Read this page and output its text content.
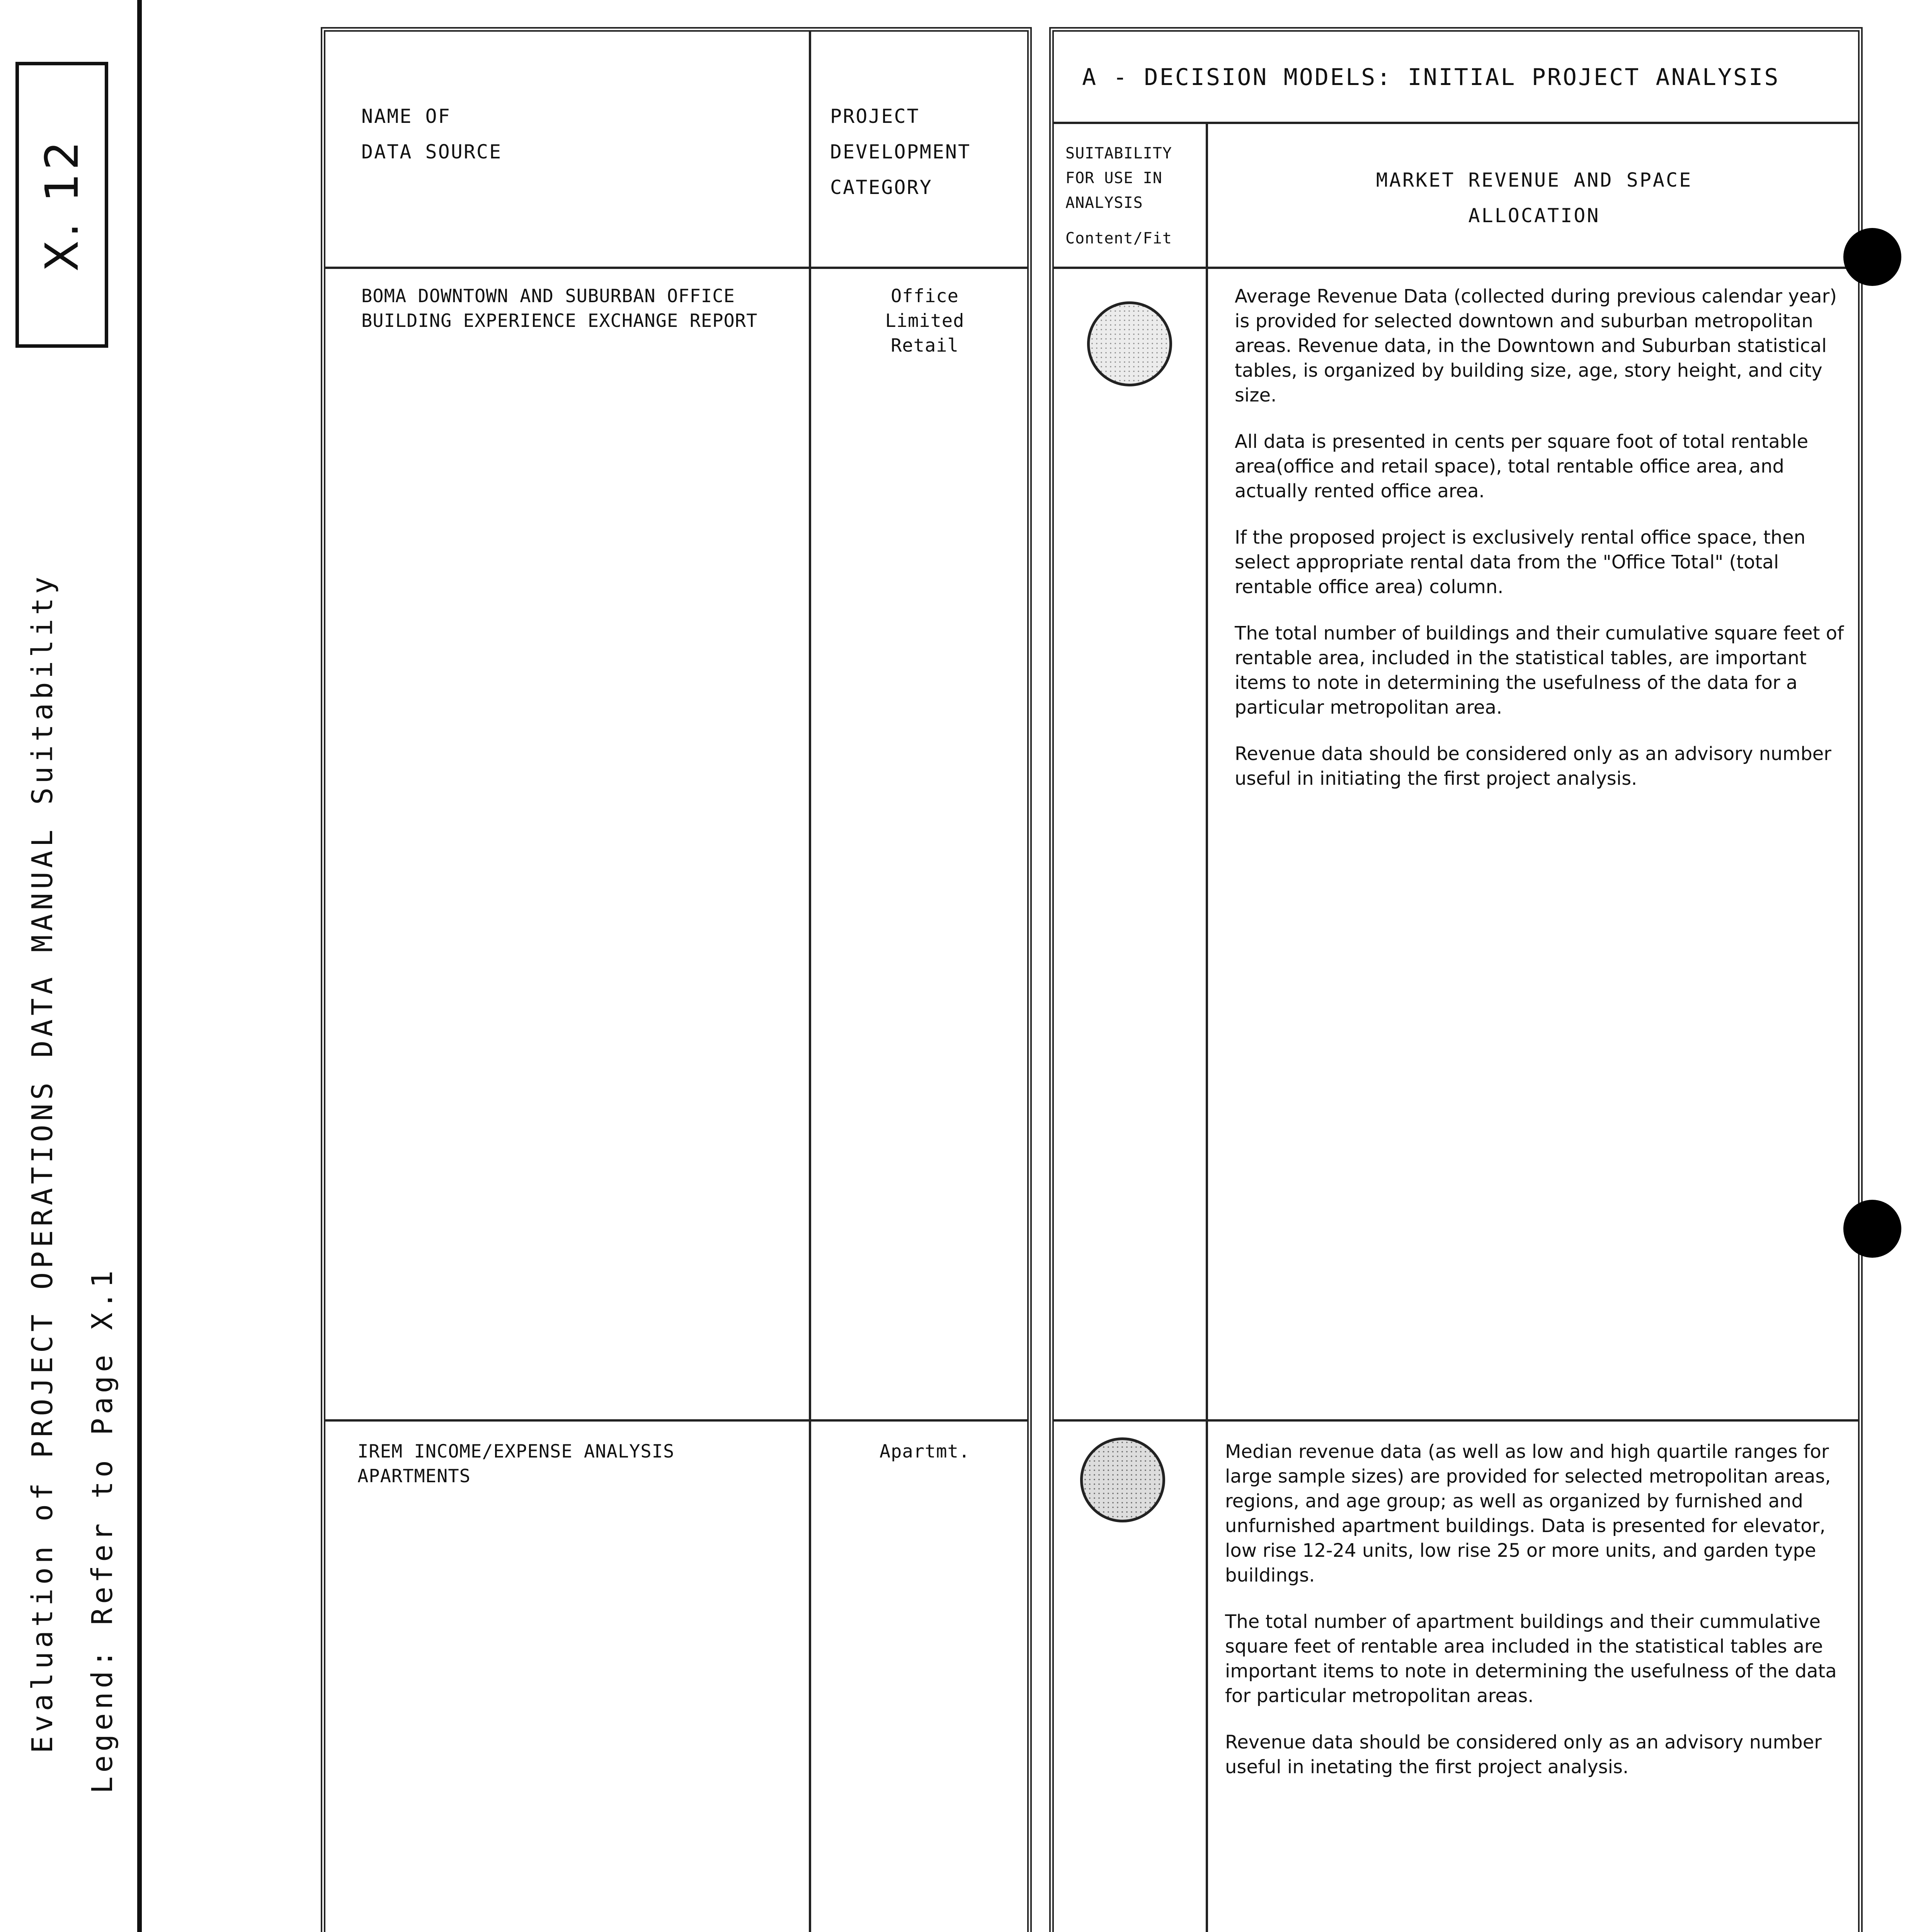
X. 12
Evaluation of PROJECT OPERATIONS DATA MANUAL Suitability Legend: Refer to Page X.1
NAME OF
DATA SOURCE
PROJECT
DEVELOPMENT
CATEGORY
BOMA DOWNTOWN AND SUBURBAN OFFICE
BUILDING EXPERIENCE EXCHANGE REPORT
Office
Limited
Retail
IREM INCOME/EXPENSE ANALYSIS
APARTMENTS
Apartmt.
A - DECISION MODELS: INITIAL PROJECT ANALYSIS
SUITABILITY
FOR USE IN
ANALYSIS
Content/Fit
MARKET REVENUE AND SPACE
ALLOCATION

Average Revenue Data (collected during previous calendar year) is provided for selected downtown and suburban metropolitan areas. Revenue data, in the Downtown and Suburban statistical tables, is organized by building size, age, story height, and city size.

All data is presented in cents per square foot of total rentable area(office and retail space), total rentable office area, and actually rented office area.

If the proposed project is exclusively rental office space, then select appropriate rental data from the "Office Total" (total rentable office area) column.

The total number of buildings and their cumulative square feet of rentable area, included in the statistical tables, are important items to note in determining the usefulness of the data for a particular metropolitan area.

Revenue data should be considered only as an advisory number useful in initiating the first project analysis.

Median revenue data (as well as low and high quartile ranges for large sample sizes) are provided for selected metropolitan areas, regions, and age group; as well as organized by furnished and unfurnished apartment buildings. Data is presented for elevator, low rise 12-24 units, low rise 25 or more units, and garden type buildings.

The total number of apartment buildings and their cummulative square feet of rentable area included in the statistical tables are important items to note in determining the usefulness of the data for particular metropolitan areas.

Revenue data should be considered only as an advisory number useful in inetating the first project analysis.
